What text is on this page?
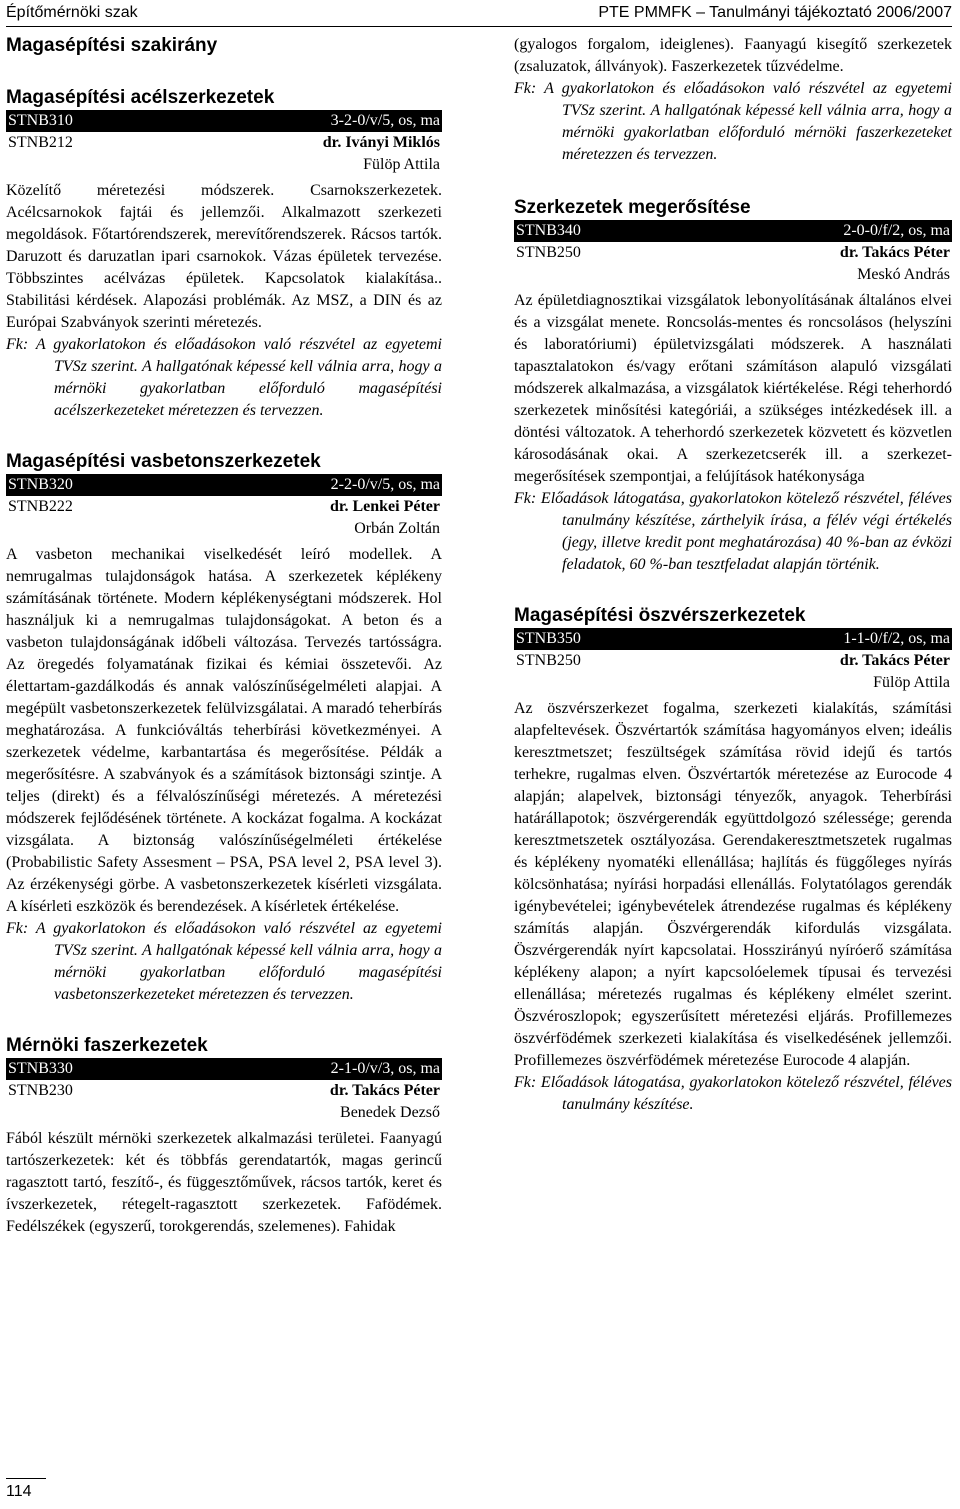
Építőmérnöki szak	PTE PMMFK – Tanulmányi tájékoztató 2006/2007
Magasépítési szakirány
Magasépítési acélszerkezetek
STNB310	3-2-0/v/5, os, ma
STNB212	dr. Iványi Miklós
Fülöp Attila

Közelítő méretezési módszerek. Csarnokszerkezetek. Acélcsarnokok fajtái és jellemzői. Alkalmazott szerkezeti megoldások. Főtartórendszerek, merevítőrendszerek. Rácsos tartók. Daruzott és daruzatlan ipari csarnokok. Vázas épületek tervezése. Többszintes acélvázas épületek. Kapcsolatok kialakítása.. Stabilitási kérdések. Alapozási problémák. Az MSZ, a DIN és az Európai Szabványok szerinti méretezés.

Fk: A gyakorlatokon és előadásokon való részvétel az egyetemi TVSz szerint. A hallgatónak képessé kell válnia arra, hogy a mérnöki gyakorlatban előforduló magasépítési acélszerkezeteket méretezzen és tervezzen.

Magasépítési vasbetonszerkezetek
STNB320	2-2-0/v/5, os, ma
STNB222	dr. Lenkei Péter
Orbán Zoltán

A vasbeton mechanikai viselkedését leíró modellek. A nemrugalmas tulajdonságok hatása. A szerkezetek képlékeny számításának története. Modern képlékenységtani módszerek. Hol használjuk ki a nemrugalmas tulajdonságokat. A beton és a vasbeton tulajdonságának időbeli változása. Tervezés tartósságra. Az öregedés folyamatának fizikai és kémiai összetevői. Az élettartam-gazdálkodás és annak valószínűségelméleti alapjai. A megépült vasbetonszerkezetek felülvizsgálatai. A maradó teherbírás meghatározása. A funkcióváltás teherbírási következményei. A szerkezetek védelme, karbantartása és megerősítése. Példák a megerősítésre. A szabványok és a számítások biztonsági szintje. A teljes (direkt) és a félvalószínűségi méretezés. A méretezési módszerek fejlődésének története. A kockázat fogalma. A kockázat vizsgálata. A biztonság valószínűségelméleti értékelése (Probabilistic Safety Assesment – PSA, PSA level 2, PSA level 3). Az érzékenységi görbe. A vasbetonszerkezetek kísérleti vizsgálata. A kísérleti eszközök és berendezések. A kísérletek értékelése.

Fk: A gyakorlatokon és előadásokon való részvétel az egyetemi TVSz szerint. A hallgatónak képessé kell válnia arra, hogy a mérnöki gyakorlatban előforduló magasépítési vasbetonszerkezeteket méretezzen és tervezzen.

Mérnöki faszerkezetek
STNB330	2-1-0/v/3, os, ma
STNB230	dr. Takács Péter
Benedek Dezső

Fából készült mérnöki szerkezetek alkalmazási területei. Faanyagú tartószerkezetek: két és többfás gerendatartók, magas gerincű ragasztott tartó, feszítő-, és függesztőművek, rácsos tartók, keret és ívszerkezetek, rétegelt-ragasztott szerkezetek. Fafödémek. Fedélszékek (egyszerű, torokgerendás, szelemenes). Fahidak

(gyalogos forgalom, ideiglenes). Faanyagú kisegítő szerkezetek (zsaluzatok, állványok). Faszerkezetek tűzvédelme.

Fk: A gyakorlatokon és előadásokon való részvétel az egyetemi TVSz szerint. A hallgatónak képessé kell válnia arra, hogy a mérnöki gyakorlatban előforduló mérnöki faszerkezeteket méretezzen és tervezzen.

Szerkezetek megerősítése
STNB340	2-0-0/f/2, os, ma
STNB250	dr. Takács Péter
Meskó András

Az épületdiagnosztikai vizsgálatok lebonyolításának általános elvei és a vizsgálat menete. Roncsolás-mentes és roncsolásos (helyszíni és laboratóriumi) épületvizsgálati módszerek. A használati tapasztalatokon és/vagy erőtani számításon alapuló vizsgálati módszerek alkalmazása, a vizsgálatok kiértékelése. Régi teherhordó szerkezetek minősítési kategóriái, a szükséges intézkedések ill. a döntési változatok. A teherhordó szerkezetek közvetett és közvetlen károsodásának okai. A szerkezetcserék ill. a szerkezet-megerősítések szempontjai, a felújítások hatékonysága

Fk: Előadások látogatása, gyakorlatokon kötelező részvétel, féléves tanulmány készítése, zárthelyik írása, a félév végi értékelés (jegy, illetve kredit pont meghatározása) 40 %-ban az évközi feladatok, 60 %-ban tesztfeladat alapján történik.

Magasépítési öszvérszerkezetek
STNB350	1-1-0/f/2, os, ma
STNB250	dr. Takács Péter
Fülöp Attila

Az öszvérszerkezet fogalma, szerkezeti kialakítás, számítási alapfeltevések. Öszvértartók számítása hagyományos elven; ideális keresztmetszet; feszültségek számítása rövid idejű és tartós terhekre, rugalmas elven. Öszvértartók méretezése az Eurocode 4 alapján; alapelvek, biztonsági tényezők, anyagok. Teherbírási határállapotok; öszvérgerendák együttdolgozó szélessége; gerenda keresztmetszetek osztályozása. Gerendakeresztmetszetek rugalmas és képlékeny nyomatéki ellenállása; hajlítás és függőleges nyírás kölcsönhatása; nyírási horpadási ellenállás. Folytatólagos gerendák igénybevételei; igénybevételek átrendezése rugalmas és képlékeny számítás alapján. Öszvérgerendák kifordulás vizsgálata. Öszvérgerendák nyírt kapcsolatai. Hosszirányú nyíróerő számítása képlékeny alapon; a nyírt kapcsolóelemek típusai és tervezési ellenállása; méretezés rugalmas és képlékeny elmélet szerint. Öszvéroszlopok; egyszerűsített méretezési eljárás. Profillemezes öszvérfödémek szerkezeti kialakítása és viselkedésének jellemzői. Profillemezes öszvérfödémek méretezése Eurocode 4 alapján.

Fk: Előadások látogatása, gyakorlatokon kötelező részvétel, féléves tanulmány készítése.

114
